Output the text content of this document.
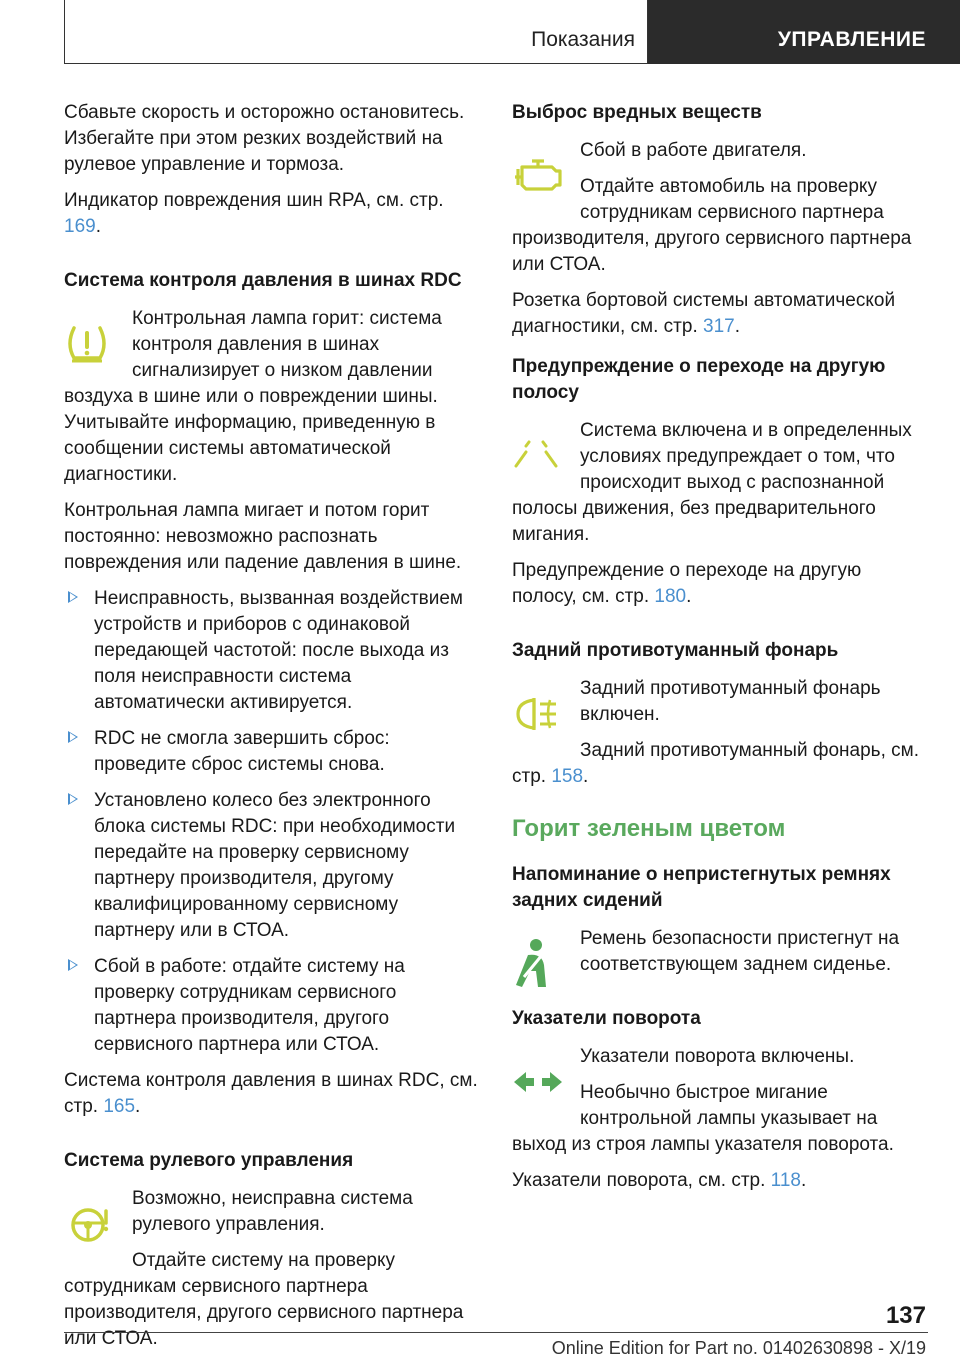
Показания	УПРАВЛЕНИЕ

Сбавьте скорость и осторожно остановитесь. Избегайте при этом резких воздействий на рулевое управление и тормоза.

Индикатор повреждения шин RPA, см. стр. 169.

Система контроля давления в шинах RDC

Контрольная лампа горит: система контроля давления в шинах сигнализирует о низком давлении воздуха в шине или о повреждении шины. Учитывайте информацию, приведенную в сообщении системы автоматической диагностики.

Контрольная лампа мигает и потом горит постоянно: невозможно распознать повреждения или падение давления в шине.

Неисправность, вызванная воздействием устройств и приборов с одинаковой передающей частотой: после выхода из поля неисправности система автоматически активируется.
RDC не смогла завершить сброс: проведите сброс системы снова.
Установлено колесо без электронного блока системы RDC: при необходимости передайте на проверку сервисному партнеру производителя, другому квалифицированному сервисному партнеру или в СТОА.
Сбой в работе: отдайте систему на проверку сотрудникам сервисного партнера производителя, другого сервисного партнера или СТОА.

Система контроля давления в шинах RDC, см. стр. 165.

Система рулевого управления

Возможно, неисправна система рулевого управления.

Отдайте систему на проверку сотрудникам сервисного партнера производителя, другого сервисного партнера или СТОА.

Выброс вредных веществ

Сбой в работе двигателя.

Отдайте автомобиль на проверку сотрудникам сервисного партнера производителя, другого сервисного партнера или СТОА.

Розетка бортовой системы автоматической диагностики, см. стр. 317.

Предупреждение о переходе на другую полосу

Система включена и в определенных условиях предупреждает о том, что происходит выход с распознанной полосы движения, без предварительного мигания.

Предупреждение о переходе на другую полосу, см. стр. 180.

Задний противотуманный фонарь

Задний противотуманный фонарь включен.

Задний противотуманный фонарь, см. стр. 158.

Горит зеленым цветом
Напоминание о непристегнутых ремнях задних сидений

Ремень безопасности пристегнут на соответствующем заднем сиденье.

Указатели поворота

Указатели поворота включены.

Необычно быстрое мигание контрольной лампы указывает на выход из строя лампы указателя поворота.

Указатели поворота, см. стр. 118.

137
Online Edition for Part no. 01402630898 - X/19
